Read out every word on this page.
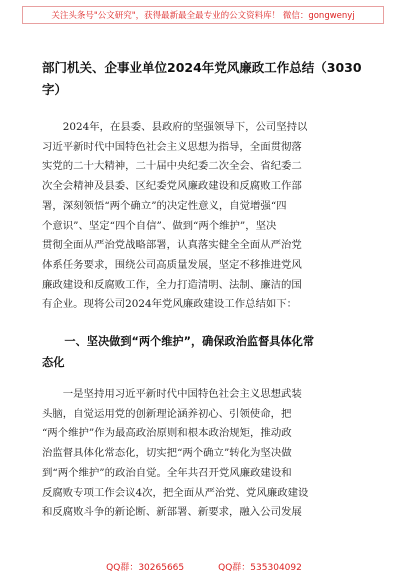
关注头条号"公文研究"，获得最新最全最专业的公文资料库！ 微信：gongwenyj
部门机关、企事业单位2024年党风廉政工作总结（3030
字）

　　2024年，在县委、县政府的坚强领导下，公司坚持以
习近平新时代中国特色社会主义思想为指导，全面贯彻落
实党的二十大精神，二十届中央纪委二次全会、省纪委二
次全会精神及县委、区纪委党风廉政建设和反腐败工作部
署，深刻领悟“两个确立”的决定性意义，自觉增强“四
个意识”、坚定“四个自信”、做到“两个维护”，坚决
贯彻全面从严治党战略部署，认真落实健全全面从严治党
体系任务要求，围绕公司高质量发展，坚定不移推进党风
廉政建设和反腐败工作，全力打造清明、法制、廉洁的国
有企业。现将公司2024年党风廉政建设工作总结如下：

　　一、坚决做到“两个维护”，确保政治监督具体化常
态化

　　一是坚持用习近平新时代中国特色社会主义思想武装
头脑，自觉运用党的创新理论涵养初心、引领使命，把
“两个维护”作为最高政治原则和根本政治规矩，推动政
治监督具体化常态化，切实把“两个确立”转化为坚决做
到“两个维护”的政治自觉。全年共召开党风廉政建设和
反腐败专项工作会议4次，把全面从严治党、党风廉政建设
和反腐败斗争的新论断、新部署、新要求，融入公司发展

QQ群：30265665	QQ群：535304092
